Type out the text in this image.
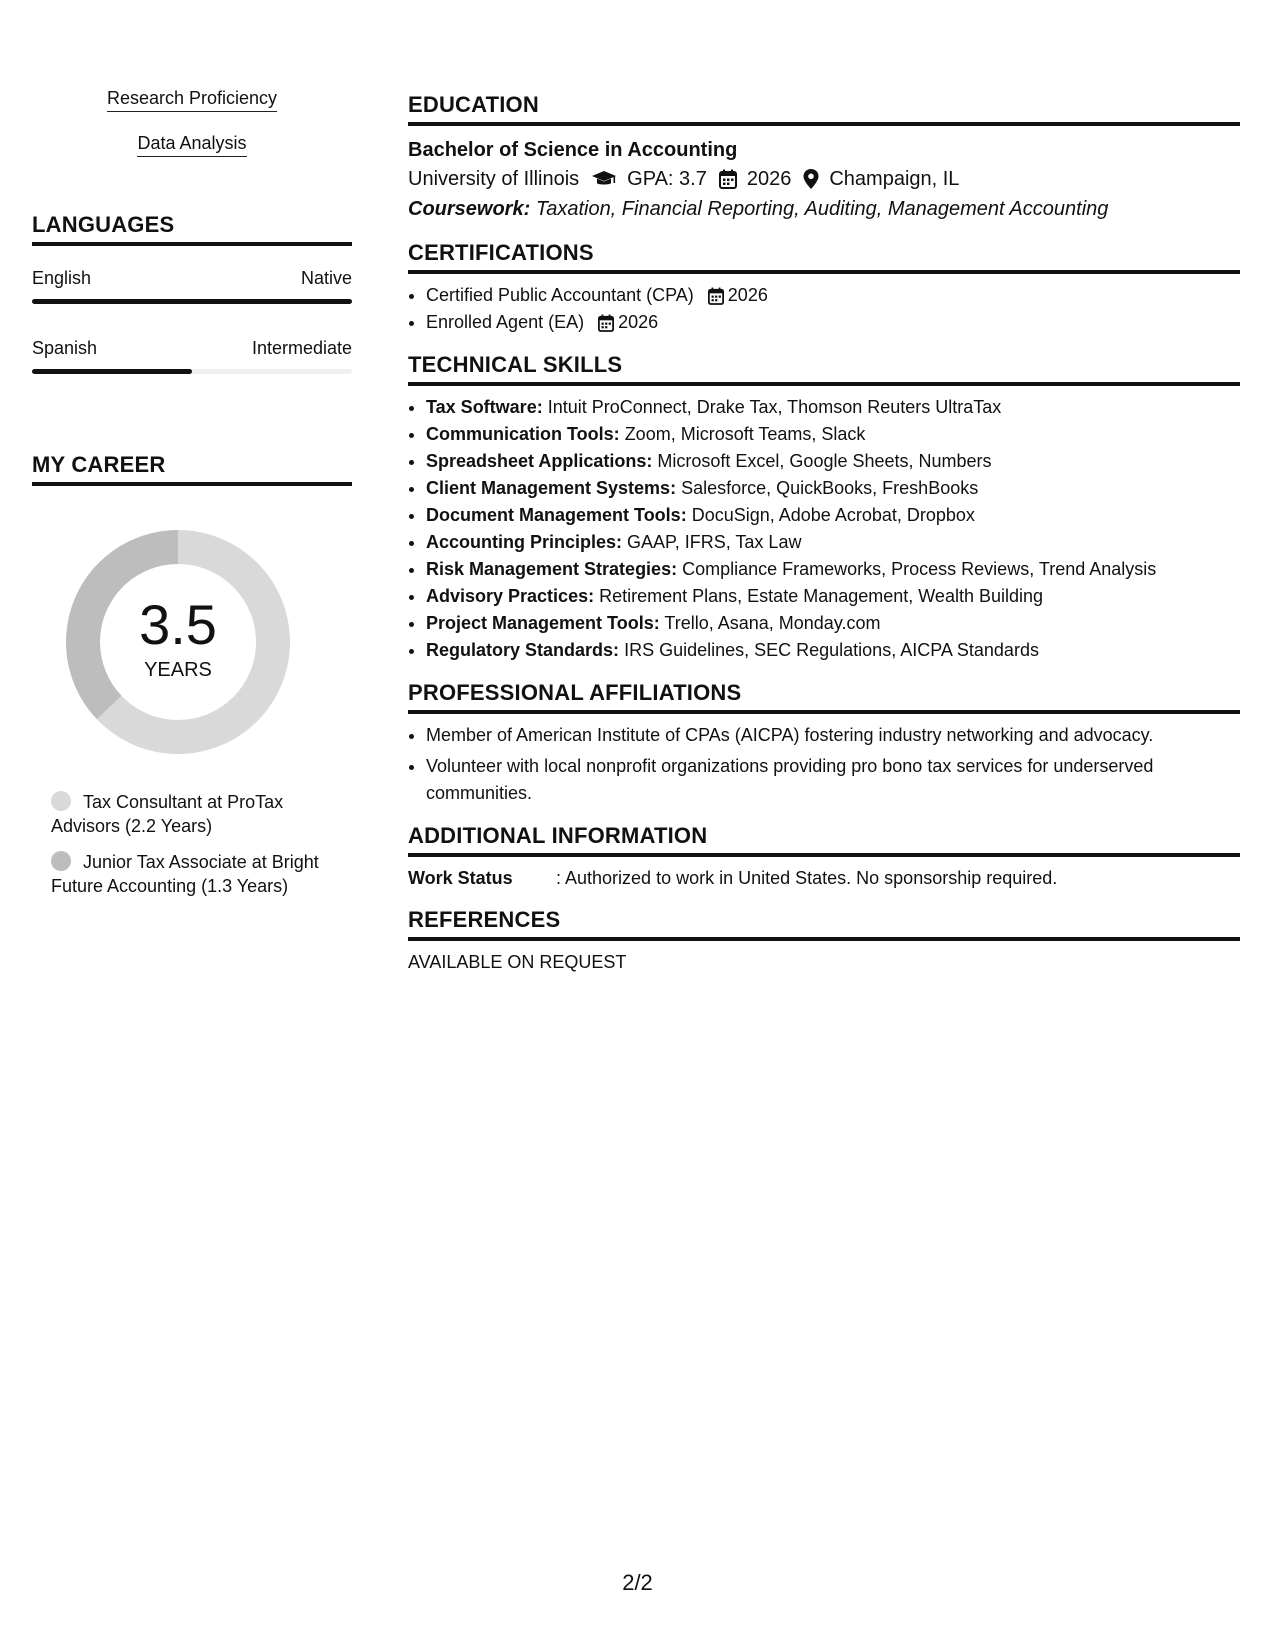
Research Proficiency
Data Analysis
LANGUAGES
English	Native
Spanish	Intermediate
MY CAREER
3.5
YEARS
Tax Consultant at ProTax Advisors (2.2 Years)
Junior Tax Associate at Bright Future Accounting (1.3 Years)
EDUCATION
Bachelor of Science in Accounting
University of Illinois GPA: 3.7 2026 Champaign, IL
Coursework: Taxation, Financial Reporting, Auditing, Management Accounting
CERTIFICATIONS
• Certified Public Accountant (CPA) 2026
• Enrolled Agent (EA) 2026
TECHNICAL SKILLS
• Tax Software: Intuit ProConnect, Drake Tax, Thomson Reuters UltraTax
• Communication Tools: Zoom, Microsoft Teams, Slack
• Spreadsheet Applications: Microsoft Excel, Google Sheets, Numbers
• Client Management Systems: Salesforce, QuickBooks, FreshBooks
• Document Management Tools: DocuSign, Adobe Acrobat, Dropbox
• Accounting Principles: GAAP, IFRS, Tax Law
• Risk Management Strategies: Compliance Frameworks, Process Reviews, Trend Analysis
• Advisory Practices: Retirement Plans, Estate Management, Wealth Building
• Project Management Tools: Trello, Asana, Monday.com
• Regulatory Standards: IRS Guidelines, SEC Regulations, AICPA Standards
PROFESSIONAL AFFILIATIONS
• Member of American Institute of CPAs (AICPA) fostering industry networking and advocacy.
• Volunteer with local nonprofit organizations providing pro bono tax services for underserved communities.
ADDITIONAL INFORMATION
Work Status	: Authorized to work in United States. No sponsorship required.
REFERENCES
AVAILABLE ON REQUEST
2/2
